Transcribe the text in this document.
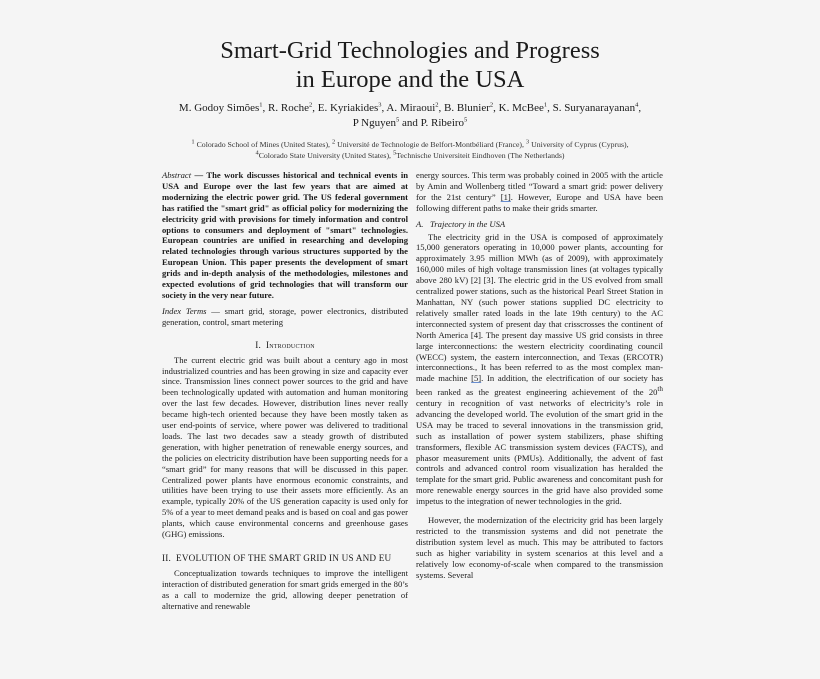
Smart-Grid Technologies and Progress
in Europe and the USA
M. Godoy Simões$^1$, R. Roche$^2$, E. Kyriakides$^3$, A. Miraoui$^2$, B. Blunier$^2$, K. McBee$^1$, S. Suryanarayanan$^4$,
P Nguyen$^5$ and P. Ribeiro$^5$
$^1$ Colorado School of Mines (United States), $^2$ Université de Technologie de Belfort-Montbéliard (France), $^3$ University of Cyprus (Cyprus),
$^4$Colorado State University (United States), $^5$Technische Universiteit Eindhoven (The Netherlands)

Abstract — The work discusses historical and technical events in USA and Europe over the last few years that are aimed at modernizing the electric power grid. The US federal government has ratified the "smart grid" as official policy for modernizing the electricity grid with provisions for timely information and control options to consumers and deployment of "smart" technologies. European countries are unified in researching and developing related technologies through various structures supported by the European Union. This paper presents the development of smart grids and in-depth analysis of the methodologies, milestones and expected evolutions of grid technologies that will transform our society in the very near future.

Index Terms — smart grid, storage, power electronics, distributed generation, control, smart metering

I. Introduction

The current electric grid was built about a century ago in most industrialized countries and has been growing in size and capacity ever since. Transmission lines connect power sources to the grid and have been technologically updated with automation and human monitoring over the last few decades. However, distribution lines never really became high-tech oriented because they have been mostly taken as user end-points of service, where power was delivered to traditional loads. The last two decades saw a steady growth of distributed generation, with higher penetration of renewable energy sources, and the policies on electricity distribution have been supporting needs for a “smart grid” for many reasons that will be discussed in this paper. Centralized power plants have enormous economic constraints, and utilities have been trying to use their assets more efficiently. As an example, typically 20% of the US generation capacity is used only for 5% of a year to meet demand peaks and is based on coal and gas power plants, which cause environmental concerns and greenhouse gases (GHG) emissions.

II. EVOLUTION OF THE SMART GRID IN US AND EU

Conceptualization towards techniques to improve the intelligent interaction of distributed generation for smart grids emerged in the 80’s as a call to modernize the grid, allowing deeper penetration of alternative and renewable

energy sources. This term was probably coined in 2005 with the article by Amin and Wollenberg titled “Toward a smart grid: power delivery for the 21st century” [1]. However, Europe and USA have been following different paths to make their grids smarter.

A. Trajectory in the USA

The electricity grid in the USA is composed of approximately 15,000 generators operating in 10,000 power plants, accounting for approximately 3.95 million MWh (as of 2009), with approximately 160,000 miles of high voltage transmission lines (at voltages typically above 280 kV) [2] [3]. The electric grid in the US evolved from small centralized power stations, such as the historical Pearl Street Station in Manhattan, NY (such power stations supplied DC electricity to relatively smaller rated loads in the late 19th century) to the AC interconnected system of present day that crisscrosses the continent of North America [4]. The present day massive US grid consists in three large interconnections: the western electricity coordinating council (WECC) system, the eastern interconnection, and Texas (ERCOTR) interconnections., It has been referred to as the most complex man-made machine [5]. In addition, the electrification of our society has been ranked as the greatest engineering achievement of the 20th century in recognition of vast networks of electricity’s role in advancing the developed world. The evolution of the smart grid in the USA may be traced to several innovations in the transmission grid, such as installation of power system stabilizers, phase shifting transformers, flexible AC transmission system devices (FACTS), and phasor measurement units (PMUs). Additionally, the advent of fast controls and advanced control room visualization has heralded the template for the smart grid. Public awareness and concomitant push for more renewable energy sources in the grid have also provided some impetus to the integration of newer technologies in the grid.

However, the modernization of the electricity grid has been largely restricted to the transmission systems and did not penetrate the distribution system level as much. This may be attributed to factors such as higher variability in system scenarios at this level and a relatively low economy-of-scale when compared to the transmission systems. Several
